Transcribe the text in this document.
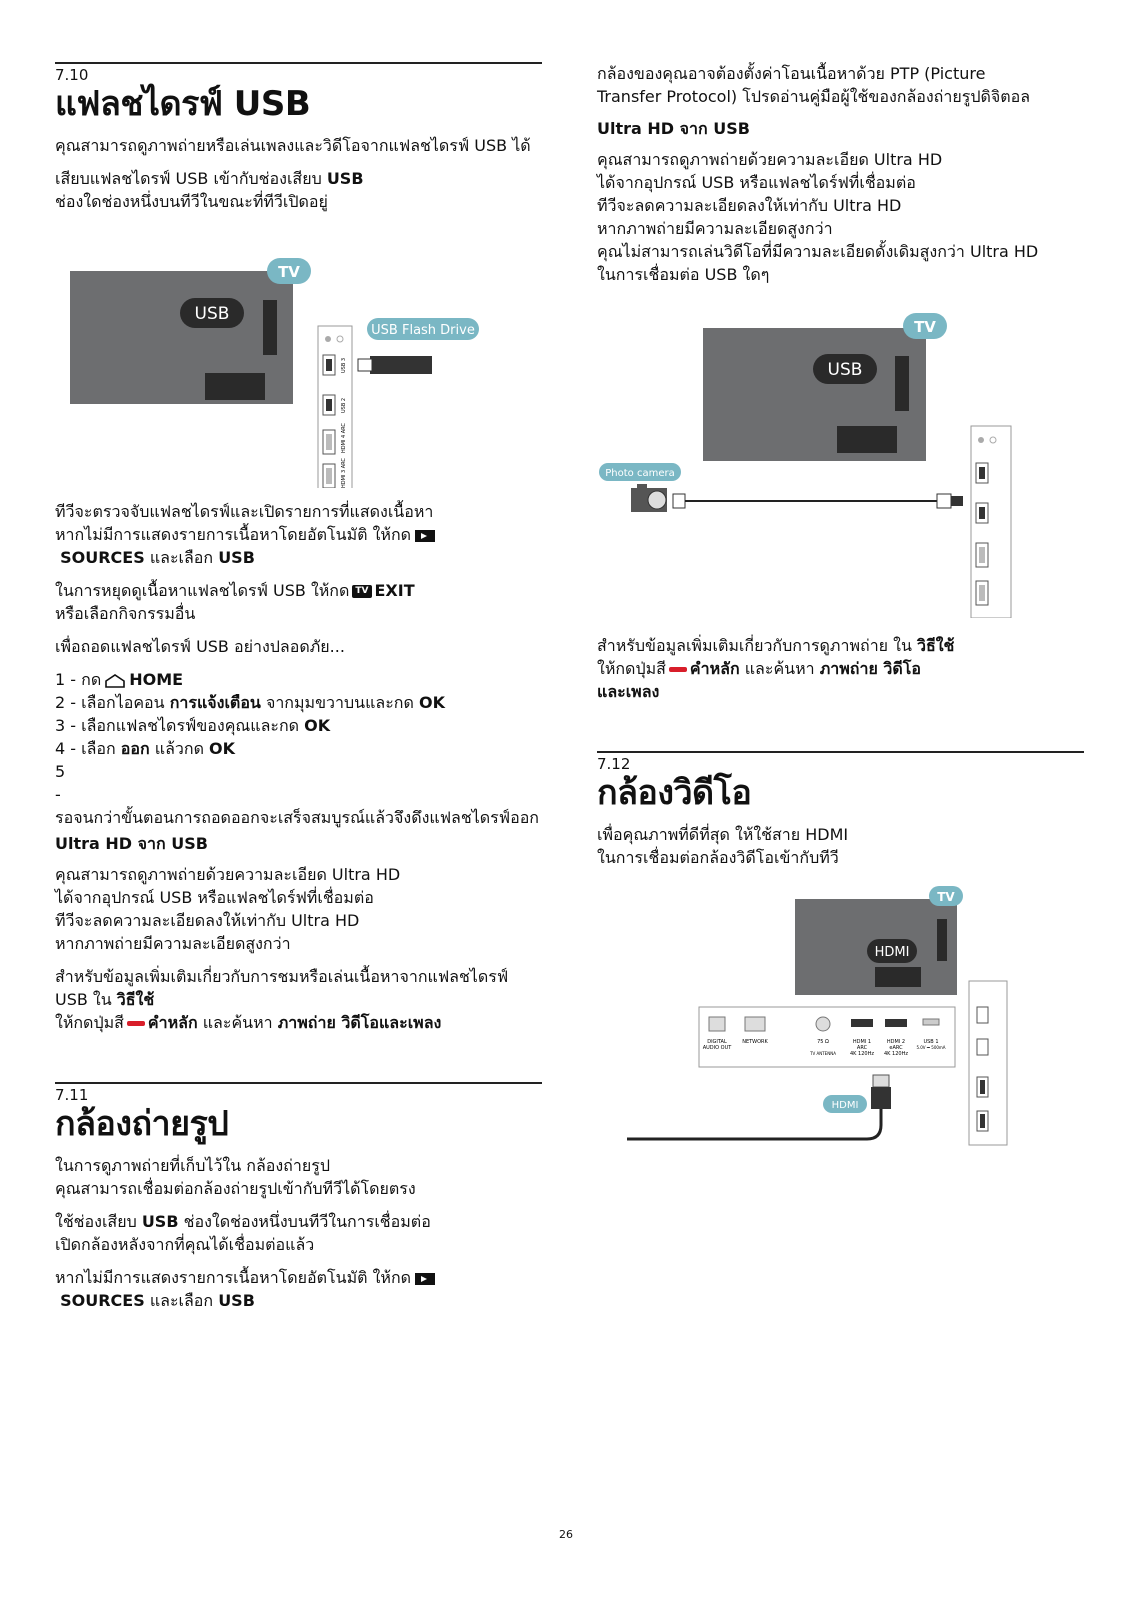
7.10
แฟลชไดรฟ์ USB

คุณสามารถดูภาพถ่ายหรือเล่นเพลงและวิดีโอจากแฟลชไดรฟ์ USB ได้

เสียบแฟลชไดรฟ์ USB เข้ากับช่องเสียบ USB
ช่องใดช่องหนึ่งบนทีวีในขณะที่ทีวีเปิดอยู่

USB
TV
USB 3
USB 2
HDMI 4 ARC
HDMI 3 ARC
USB Flash Drive

ทีวีจะตรวจจับแฟลชไดรฟ์และเปิดรายการที่แสดงเนื้อหา
หากไม่มีการแสดงรายการเนื้อหาโดยอัตโนมัติ ให้กด
SOURCES และเลือก USB

ในการหยุดดูเนื้อหาแฟลชไดรฟ์ USB ให้กด TV EXIT
หรือเลือกกิจกรรมอื่น

เพื่อถอดแฟลชไดรฟ์ USB อย่างปลอดภัย...

1 - กด HOME

2 - เลือกไอคอน การแจ้งเตือน จากมุมขวาบนและกด OK

3 - เลือกแฟลชไดรฟ์ของคุณและกด OK

4 - เลือก ออก แล้วกด OK

5

-

รอจนกว่าขั้นตอนการถอดออกจะเสร็จสมบูรณ์แล้วจึงดึงแฟลชไดรฟ์ออก

Ultra HD จาก USB

คุณสามารถดูภาพถ่ายด้วยความละเอียด Ultra HD
ได้จากอุปกรณ์ USB หรือแฟลชไดร์ฟที่เชื่อมต่อ
ทีวีจะลดความละเอียดลงให้เท่ากับ Ultra HD
หากภาพถ่ายมีความละเอียดสูงกว่า

สำหรับข้อมูลเพิ่มเติมเกี่ยวกับการชมหรือเล่นเนื้อหาจากแฟลชไดรฟ์ USB ใน วิธีใช้
ให้กดปุ่มสี คำหลัก และค้นหา ภาพถ่าย วิดีโอและเพลง

7.11
กล้องถ่ายรูป

ในการดูภาพถ่ายที่เก็บไว้ใน กล้องถ่ายรูป
คุณสามารถเชื่อมต่อกล้องถ่ายรูปเข้ากับทีวีได้โดยตรง

ใช้ช่องเสียบ USB ช่องใดช่องหนึ่งบนทีวีในการเชื่อมต่อ
เปิดกล้องหลังจากที่คุณได้เชื่อมต่อแล้ว

หากไม่มีการแสดงรายการเนื้อหาโดยอัตโนมัติ ให้กด
SOURCES และเลือก USB

กล้องของคุณอาจต้องตั้งค่าโอนเนื้อหาด้วย PTP (Picture
Transfer Protocol) โปรดอ่านคู่มือผู้ใช้ของกล้องถ่ายรูปดิจิตอล

Ultra HD จาก USB

คุณสามารถดูภาพถ่ายด้วยความละเอียด Ultra HD
ได้จากอุปกรณ์ USB หรือแฟลชไดร์ฟที่เชื่อมต่อ
ทีวีจะลดความละเอียดลงให้เท่ากับ Ultra HD
หากภาพถ่ายมีความละเอียดสูงกว่า
คุณไม่สามารถเล่นวิดีโอที่มีความละเอียดดั้งเดิมสูงกว่า Ultra HD
ในการเชื่อมต่อ USB ใดๆ

USB
TV
Photo camera

สำหรับข้อมูลเพิ่มเติมเกี่ยวกับการดูภาพถ่าย ใน วิธีใช้
ให้กดปุ่มสี คำหลัก และค้นหา ภาพถ่าย วิดีโอ
และเพลง

7.12
กล้องวิดีโอ

เพื่อคุณภาพที่ดีที่สุด ให้ใช้สาย HDMI
ในการเชื่อมต่อกล้องวิดีโอเข้ากับทีวี

HDMI
TV
DIGITAL
AUDIO OUT
NETWORK	75 Ω
TV ANTENNA
HDMI 1
ARC
4K 120Hz
HDMI 2
eARC
4K 120Hz
USB 1
5.0V ⎓ 500mA
HDMI
26
